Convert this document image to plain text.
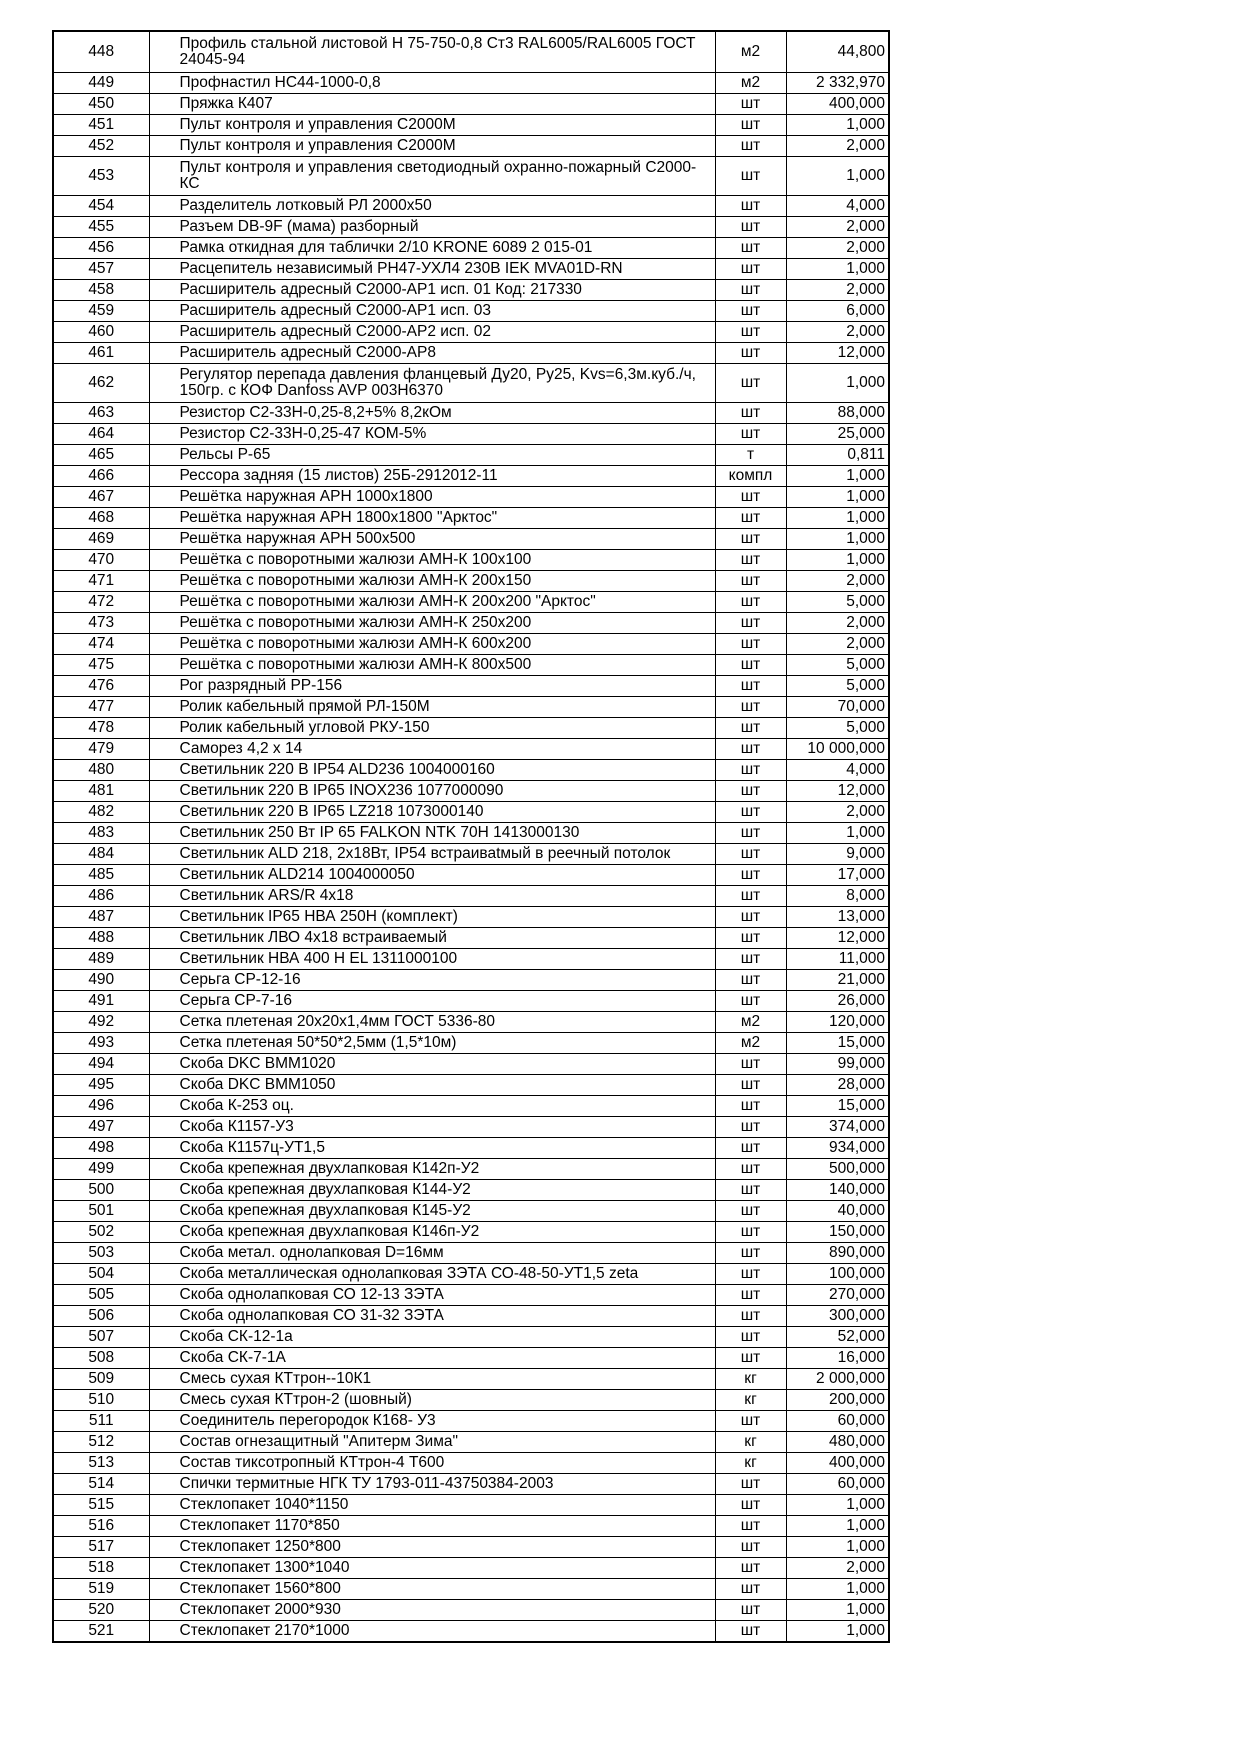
448	Профиль стальной листовой Н 75-750-0,8 Ст3 RAL6005/RAL6005 ГОСТ 24045-94	м2	44,800
449	Профнастил НС44-1000-0,8	м2	2 332,970
450	Пряжка К407	шт	400,000
451	Пульт контроля и управления С2000М	шт	1,000
452	Пульт контроля и управления С2000М	шт	2,000
453	Пульт контроля и управления светодиодный охранно-пожарный С2000-КС	шт	1,000
454	Разделитель лотковый РЛ 2000х50	шт	4,000
455	Разъем DB-9F (мама) разборный	шт	2,000
456	Рамка откидная для таблички 2/10 KRONE 6089 2 015-01	шт	2,000
457	Расцепитель независимый РН47-УХЛ4 230В IEK MVA01D-RN	шт	1,000
458	Расширитель адресный С2000-АР1 исп. 01 Код: 217330	шт	2,000
459	Расширитель адресный С2000-АР1 исп. 03	шт	6,000
460	Расширитель адресный С2000-АР2 исп. 02	шт	2,000
461	Расширитель адресный С2000-АР8	шт	12,000
462	Регулятор перепада давления фланцевый Ду20, Ру25, Kvs=6,3м.куб./ч, 150гр. с КОФ Danfoss AVP 003H6370	шт	1,000
463	Резистор С2-33Н-0,25-8,2+5% 8,2кОм	шт	88,000
464	Резистор С2-33Н-0,25-47 КОМ-5%	шт	25,000
465	Рельсы Р-65	т	0,811
466	Рессора задняя (15 листов) 25Б-2912012-11	компл	1,000
467	Решётка наружная АРН 1000х1800	шт	1,000
468	Решётка наружная АРН 1800х1800 "Арктос"	шт	1,000
469	Решётка наружная АРН 500х500	шт	1,000
470	Решётка с поворотными жалюзи АМН-К 100х100	шт	1,000
471	Решётка с поворотными жалюзи АМН-К 200х150	шт	2,000
472	Решётка с поворотными жалюзи АМН-К 200х200 "Арктос"	шт	5,000
473	Решётка с поворотными жалюзи АМН-К 250х200	шт	2,000
474	Решётка с поворотными жалюзи АМН-К 600х200	шт	2,000
475	Решётка с поворотными жалюзи АМН-К 800х500	шт	5,000
476	Рог разрядный РР-156	шт	5,000
477	Ролик кабельный прямой РЛ-150М	шт	70,000
478	Ролик кабельный угловой РКУ-150	шт	5,000
479	Саморез 4,2 х 14	шт	10 000,000
480	Светильник 220 В IP54 ALD236 1004000160	шт	4,000
481	Светильник 220 В IP65 INOX236 1077000090	шт	12,000
482	Светильник 220 В IP65 LZ218 1073000140	шт	2,000
483	Светильник 250 Вт IP 65 FALKON NTK 70H 1413000130	шт	1,000
484	Светильник ALD 218, 2х18Вт, IP54 встраиваtмый в реечный потолок	шт	9,000
485	Светильник ALD214 1004000050	шт	17,000
486	Светильник ARS/R 4х18	шт	8,000
487	Светильник IP65 НВА 250Н (комплект)	шт	13,000
488	Светильник ЛВО 4х18 встраиваемый	шт	12,000
489	Светильник НВА 400 Н EL 1311000100	шт	11,000
490	Серьга СР-12-16	шт	21,000
491	Серьга СР-7-16	шт	26,000
492	Сетка плетеная 20х20х1,4мм ГОСТ 5336-80	м2	120,000
493	Сетка плетеная 50*50*2,5мм (1,5*10м)	м2	15,000
494	Скоба DKC BMM1020	шт	99,000
495	Скоба DKC BMM1050	шт	28,000
496	Скоба К-253 оц.	шт	15,000
497	Скоба К1157-У3	шт	374,000
498	Скоба К1157ц-УТ1,5	шт	934,000
499	Скоба крепежная двухлапковая К142п-У2	шт	500,000
500	Скоба крепежная двухлапковая К144-У2	шт	140,000
501	Скоба крепежная двухлапковая К145-У2	шт	40,000
502	Скоба крепежная двухлапковая К146п-У2	шт	150,000
503	Скоба метал. однолапковая D=16мм	шт	890,000
504	Скоба металлическая однолапковая ЗЭТА СО-48-50-УТ1,5 zeta	шт	100,000
505	Скоба однолапковая СО 12-13 ЗЭТА	шт	270,000
506	Скоба однолапковая СО 31-32 ЗЭТА	шт	300,000
507	Скоба СК-12-1а	шт	52,000
508	Скоба СК-7-1А	шт	16,000
509	Смесь сухая КТтрон--10К1	кг	2 000,000
510	Смесь сухая КТтрон-2 (шовный)	кг	200,000
511	Соединитель перегородок К168- У3	шт	60,000
512	Состав огнезащитный "Апитерм Зима"	кг	480,000
513	Состав тиксотропный КТтрон-4 Т600	кг	400,000
514	Спички термитные НГК ТУ 1793-011-43750384-2003	шт	60,000
515	Стеклопакет 1040*1150	шт	1,000
516	Стеклопакет 1170*850	шт	1,000
517	Стеклопакет 1250*800	шт	1,000
518	Стеклопакет 1300*1040	шт	2,000
519	Стеклопакет 1560*800	шт	1,000
520	Стеклопакет 2000*930	шт	1,000
521	Стеклопакет 2170*1000	шт	1,000
